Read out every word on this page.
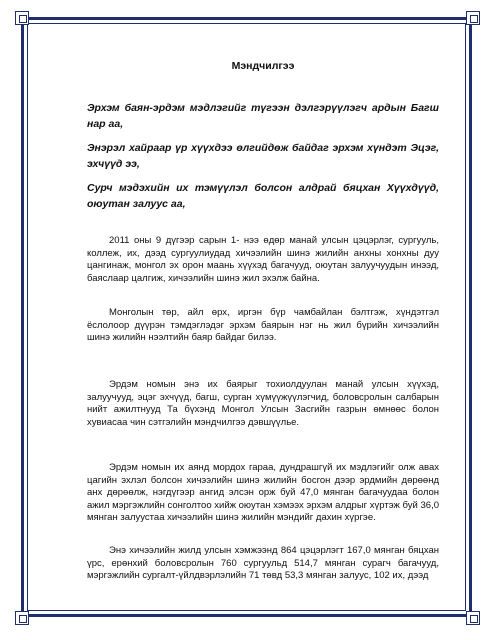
Мэндчилгээ
Эрхэм баян-эрдэм мэдлэгийг түгээн дэлгэрүүлэгч ардын Багш нар аа,
Энэрэл хайраар үр хүүхдээ өлгийдөж байдаг эрхэм хүндэт Эцэг, эхчүүд ээ,
Сурч мэдэхийн их тэмүүлэл болсон алдрай бяцхан Хүүхдүүд, оюутан залуус аа,
2011 оны 9 дүгээр сарын 1- нээ өдөр манай улсын цэцэрлэг, сургууль, коллеж, их, дээд сургуулиудад хичээлийн шинэ жилийн анхны хонхны дуу цангинаж, монгол эх орон маань хүүхэд багачууд, оюутан залуучуудын инээд, баяслаар цалгиж, хичээлийн шинэ жил эхэлж байна.
Монголын төр, айл өрх, иргэн бүр чамбайлан бэлтгэж, хүндэтгэл ёслолоор дүүрэн тэмдэглэдэг эрхэм баярын нэг нь жил бүрийн хичээлийн шинэ жилийн нээлтийн баяр байдаг билээ.
Эрдэм номын энэ их баярыг тохиолдуулан манай улсын хүүхэд, залуучууд, эцэг эхчүүд, багш, сурган хүмүүжүүлэгчид, боловсролын салбарын нийт ажилтнууд Та бүхэнд Монгол Улсын Засгийн газрын өмнөөс болон хувиасаа чин сэтгэлийн мэндчилгээ дэвшүүлье.
Эрдэм номын их аянд мордох гараа, дундрашгүй их мэдлэгийг олж авах цагийн эхлэл болсон хичээлийн шинэ жилийн босгон дээр эрдмийн дөрөөнд анх дөрөөлж, нэгдүгээр ангид элсэн орж буй 47,0 мянган багачуудаа болон ажил мэргэжлийн сонголтоо хийж оюутан хэмээх эрхэм алдрыг хүртэж буй 36,0 мянган залуустаа хичээлийн шинэ жилийн мэндийг дахин хүргэе.
Энэ хичээлийн жилд улсын хэмжээнд 864 цэцэрлэгт 167,0 мянган бяцхан үрс, ерөнхий боловсролын 760 сургуульд 514,7 мянган сурагч багачууд, мэргэжлийн сургалт-үйлдвэрлэлийн 71 төвд 53,3 мянган залуус, 102 их, дээд
